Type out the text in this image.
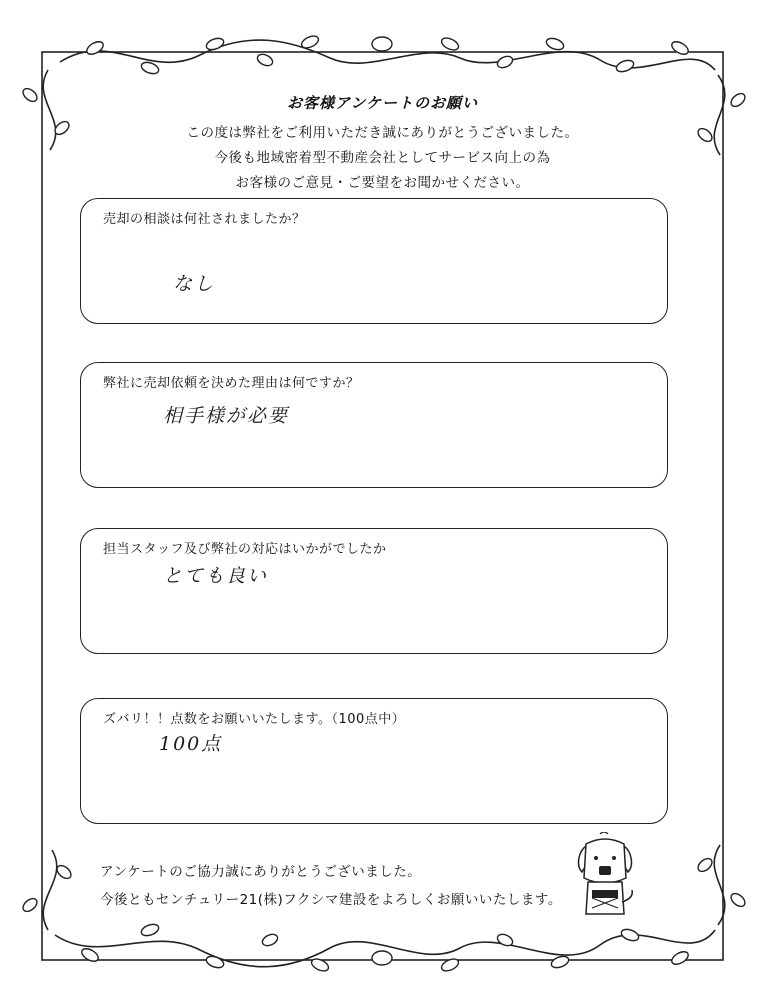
お客様アンケートのお願い
この度は弊社をご利用いただき誠にありがとうございました。
今後も地域密着型不動産会社としてサービス向上の為
お客様のご意見・ご要望をお聞かせください。
売却の相談は何社されましたか？
なし
弊社に売却依頼を決めた理由は何ですか？
相手様が必要
担当スタッフ及び弊社の対応はいかがでしたか
とても良い
ズバリ！！点数をお願いいたします。（100点中）
100点
アンケートのご協力誠にありがとうございました。
今後ともセンチュリー21(株)フクシマ建設をよろしくお願いいたします。
